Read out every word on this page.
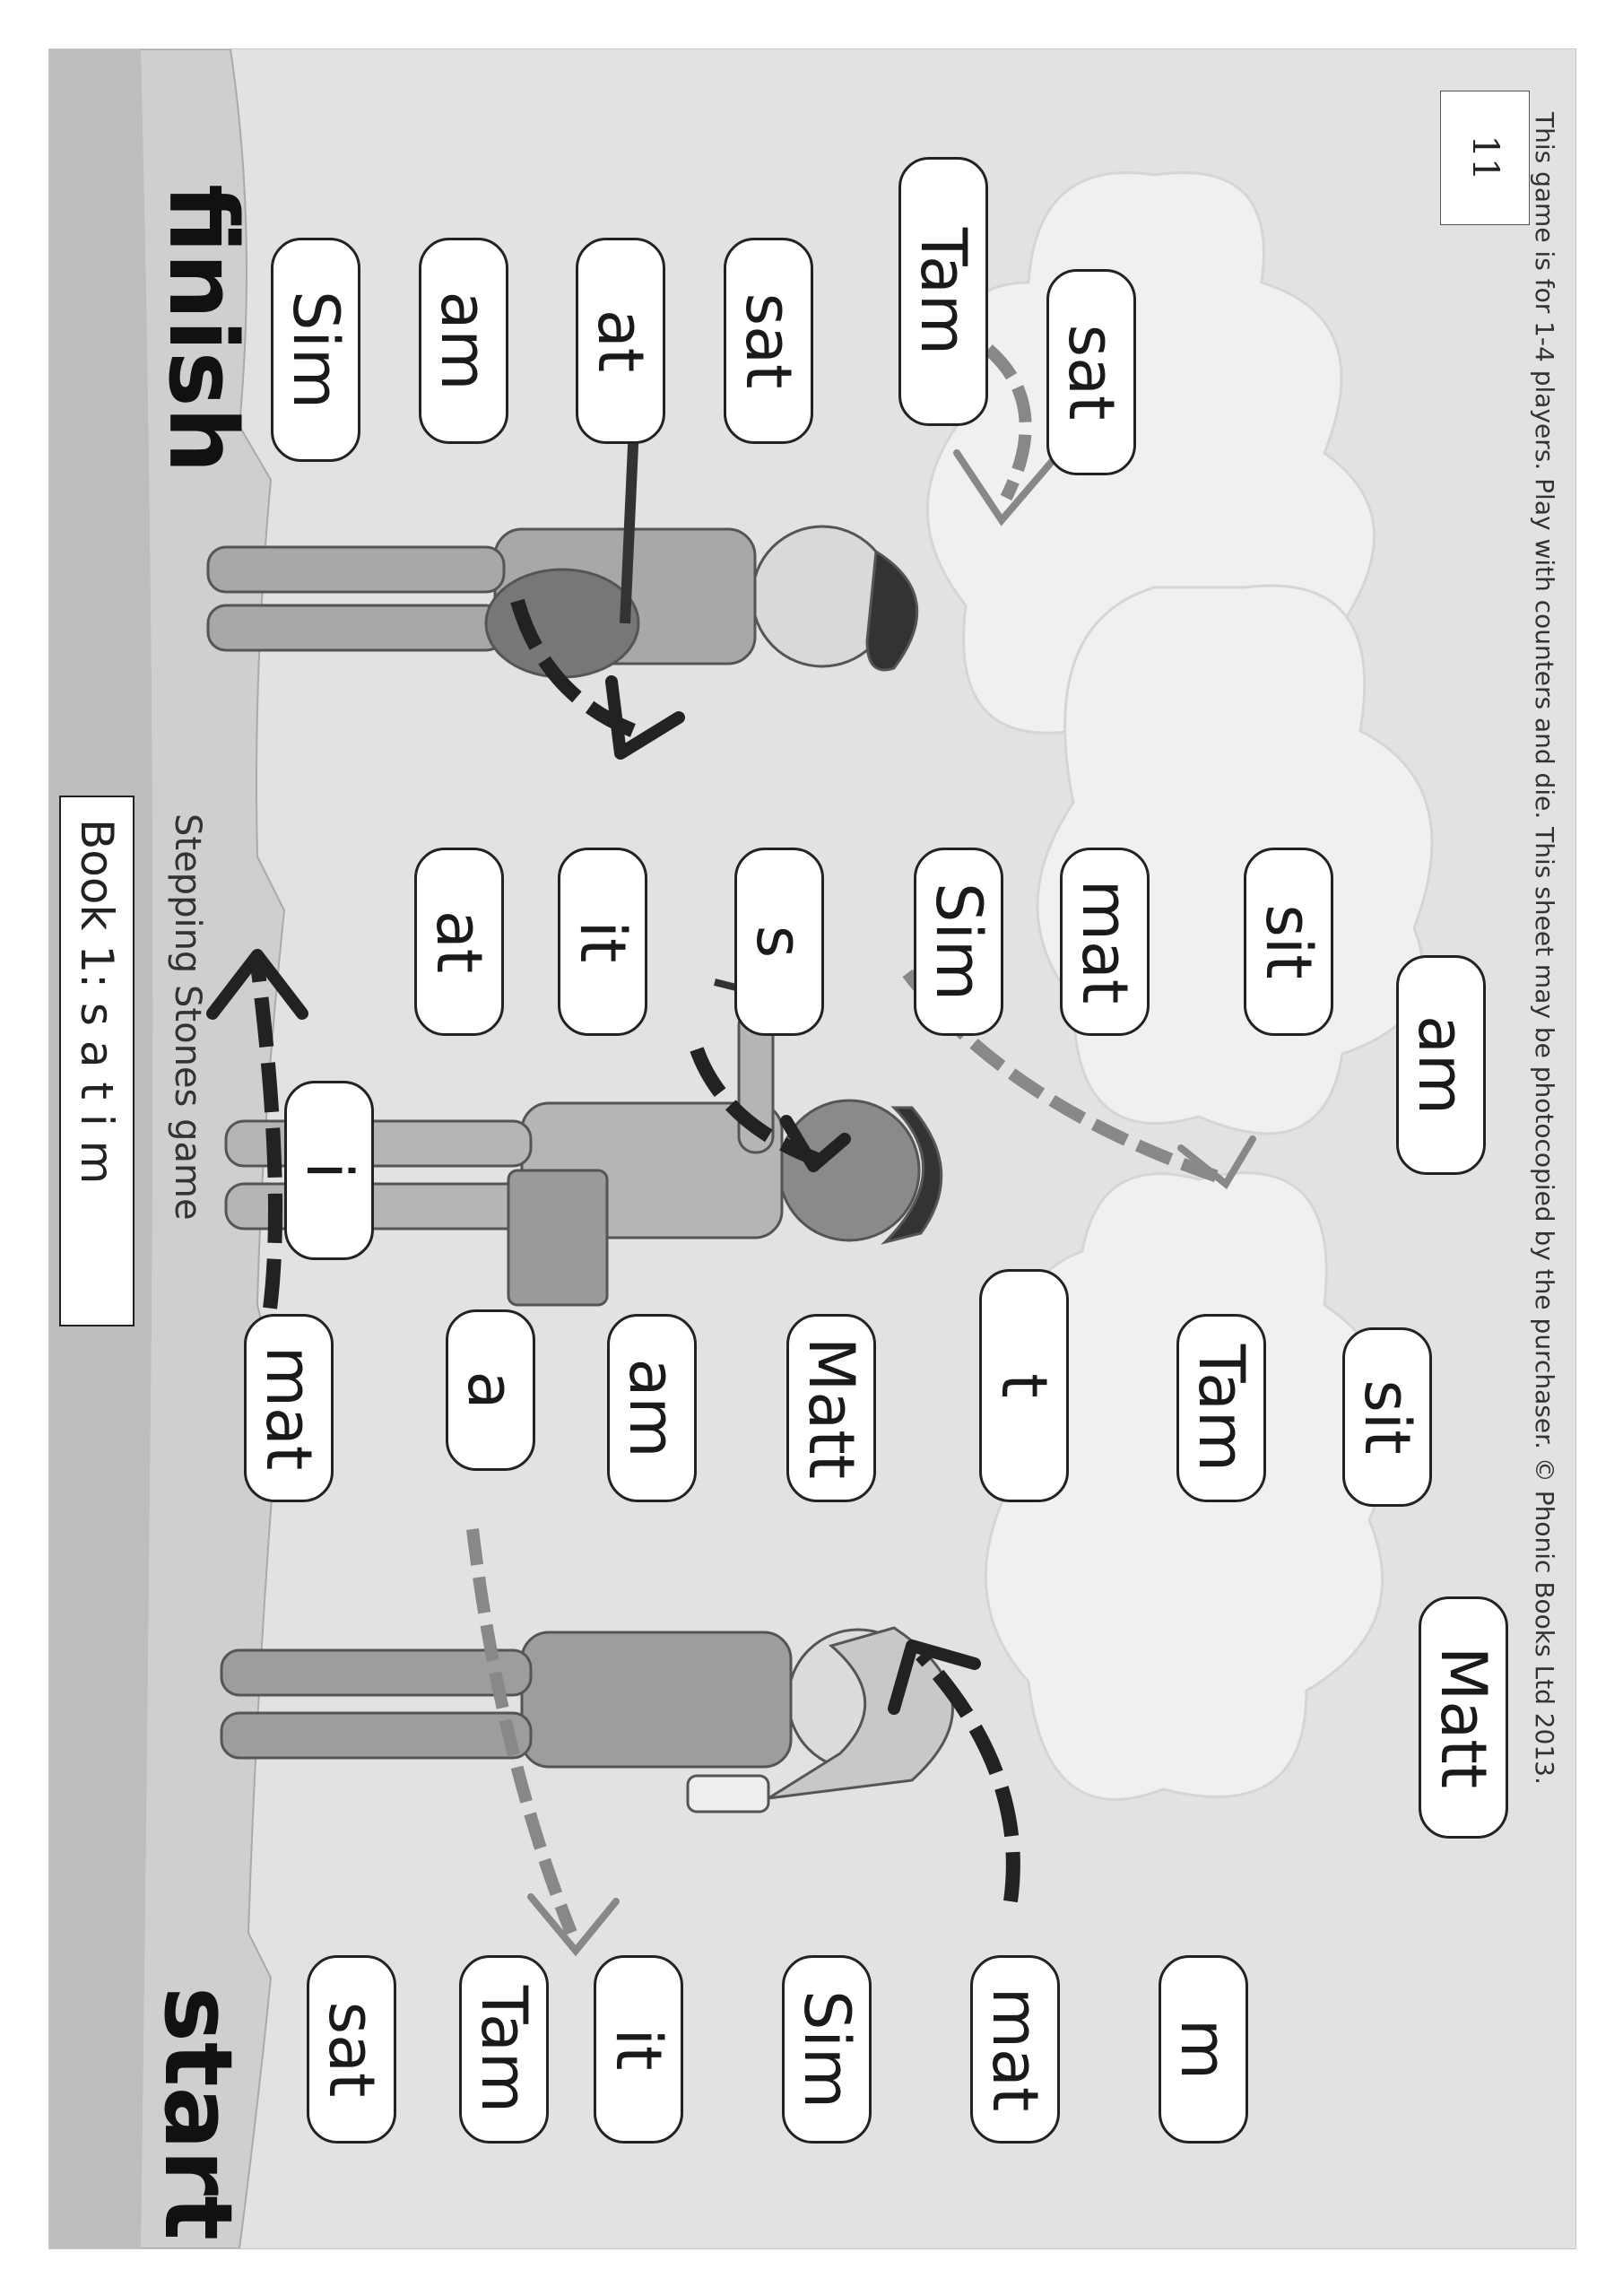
start
finish
Book 1: s a t i m Stepping Stones game
11 This game is for 1-4 players. Play with counters and die. This sheet may be photocopied by the purchaser. © Phonic Books Ltd 2013.
sat Tam it Sim mat m
mat a am Matt t Tam sit
i
at it s Sim mat sit
am
Matt
Sim am at sat Tam
sat
